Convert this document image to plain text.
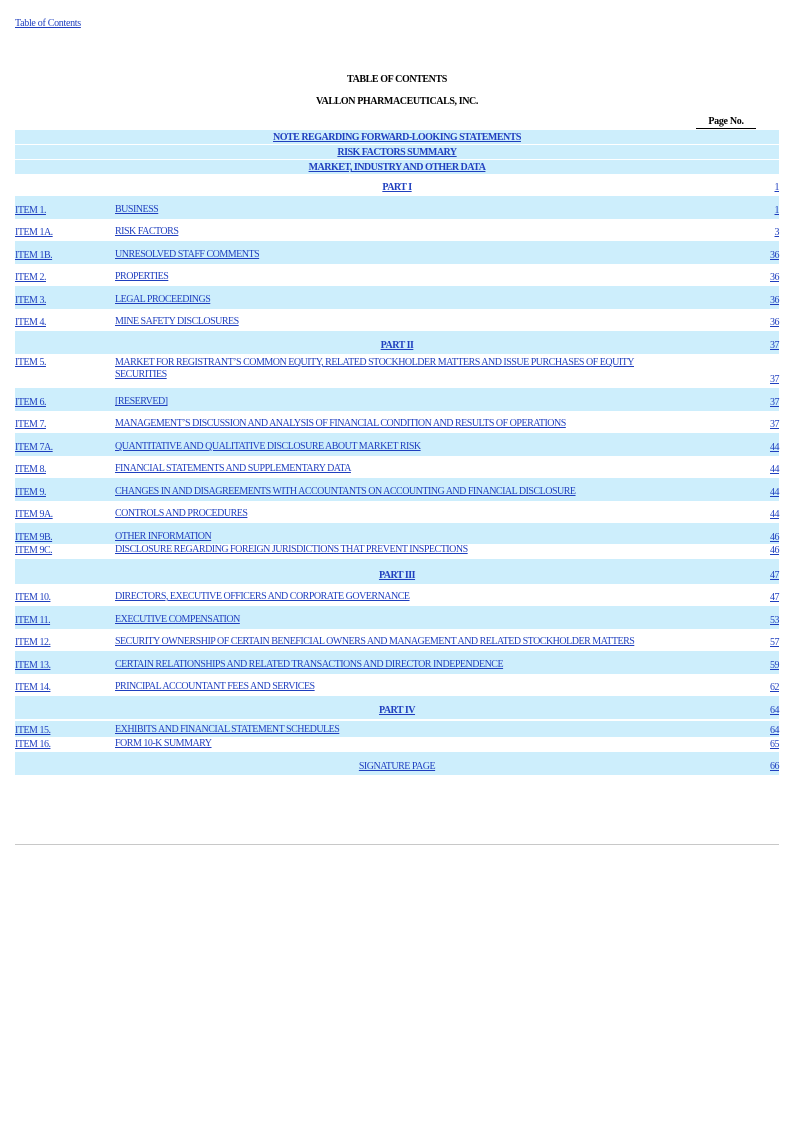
Table of Contents
TABLE OF CONTENTS
VALLON PHARMACEUTICALS, INC.
Page No.
NOTE REGARDING FORWARD-LOOKING STATEMENTS
RISK FACTORS SUMMARY
MARKET, INDUSTRY AND OTHER DATA
PART I	1
ITEM 1.	BUSINESS	1
ITEM 1A.	RISK FACTORS	3
ITEM 1B.	UNRESOLVED STAFF COMMENTS	36
ITEM 2.	PROPERTIES	36
ITEM 3.	LEGAL PROCEEDINGS	36
ITEM 4.	MINE SAFETY DISCLOSURES	36
PART II	37
ITEM 5.	MARKET FOR REGISTRANT’S COMMON EQUITY, RELATED STOCKHOLDER MATTERS AND ISSUE PURCHASES OF EQUITY SECURITIES	37
ITEM 6.	[RESERVED]	37
ITEM 7.	MANAGEMENT’S DISCUSSION AND ANALYSIS OF FINANCIAL CONDITION AND RESULTS OF OPERATIONS	37
ITEM 7A.	QUANTITATIVE AND QUALITATIVE DISCLOSURE ABOUT MARKET RISK	44
ITEM 8.	FINANCIAL STATEMENTS AND SUPPLEMENTARY DATA	44
ITEM 9.	CHANGES IN AND DISAGREEMENTS WITH ACCOUNTANTS ON ACCOUNTING AND FINANCIAL DISCLOSURE	44
ITEM 9A.	CONTROLS AND PROCEDURES	44
ITEM 9B.	OTHER INFORMATION	46
ITEM 9C.	DISCLOSURE REGARDING FOREIGN JURISDICTIONS THAT PREVENT INSPECTIONS	46
PART III	47
ITEM 10.	DIRECTORS, EXECUTIVE OFFICERS AND CORPORATE GOVERNANCE	47
ITEM 11.	EXECUTIVE COMPENSATION	53
ITEM 12.	SECURITY OWNERSHIP OF CERTAIN BENEFICIAL OWNERS AND MANAGEMENT AND RELATED STOCKHOLDER MATTERS	57
ITEM 13.	CERTAIN RELATIONSHIPS AND RELATED TRANSACTIONS AND DIRECTOR INDEPENDENCE	59
ITEM 14.	PRINCIPAL ACCOUNTANT FEES AND SERVICES	62
PART IV	64
ITEM 15.	EXHIBITS AND FINANCIAL STATEMENT SCHEDULES	64
ITEM 16.	FORM 10-K SUMMARY	65
SIGNATURE PAGE	66
